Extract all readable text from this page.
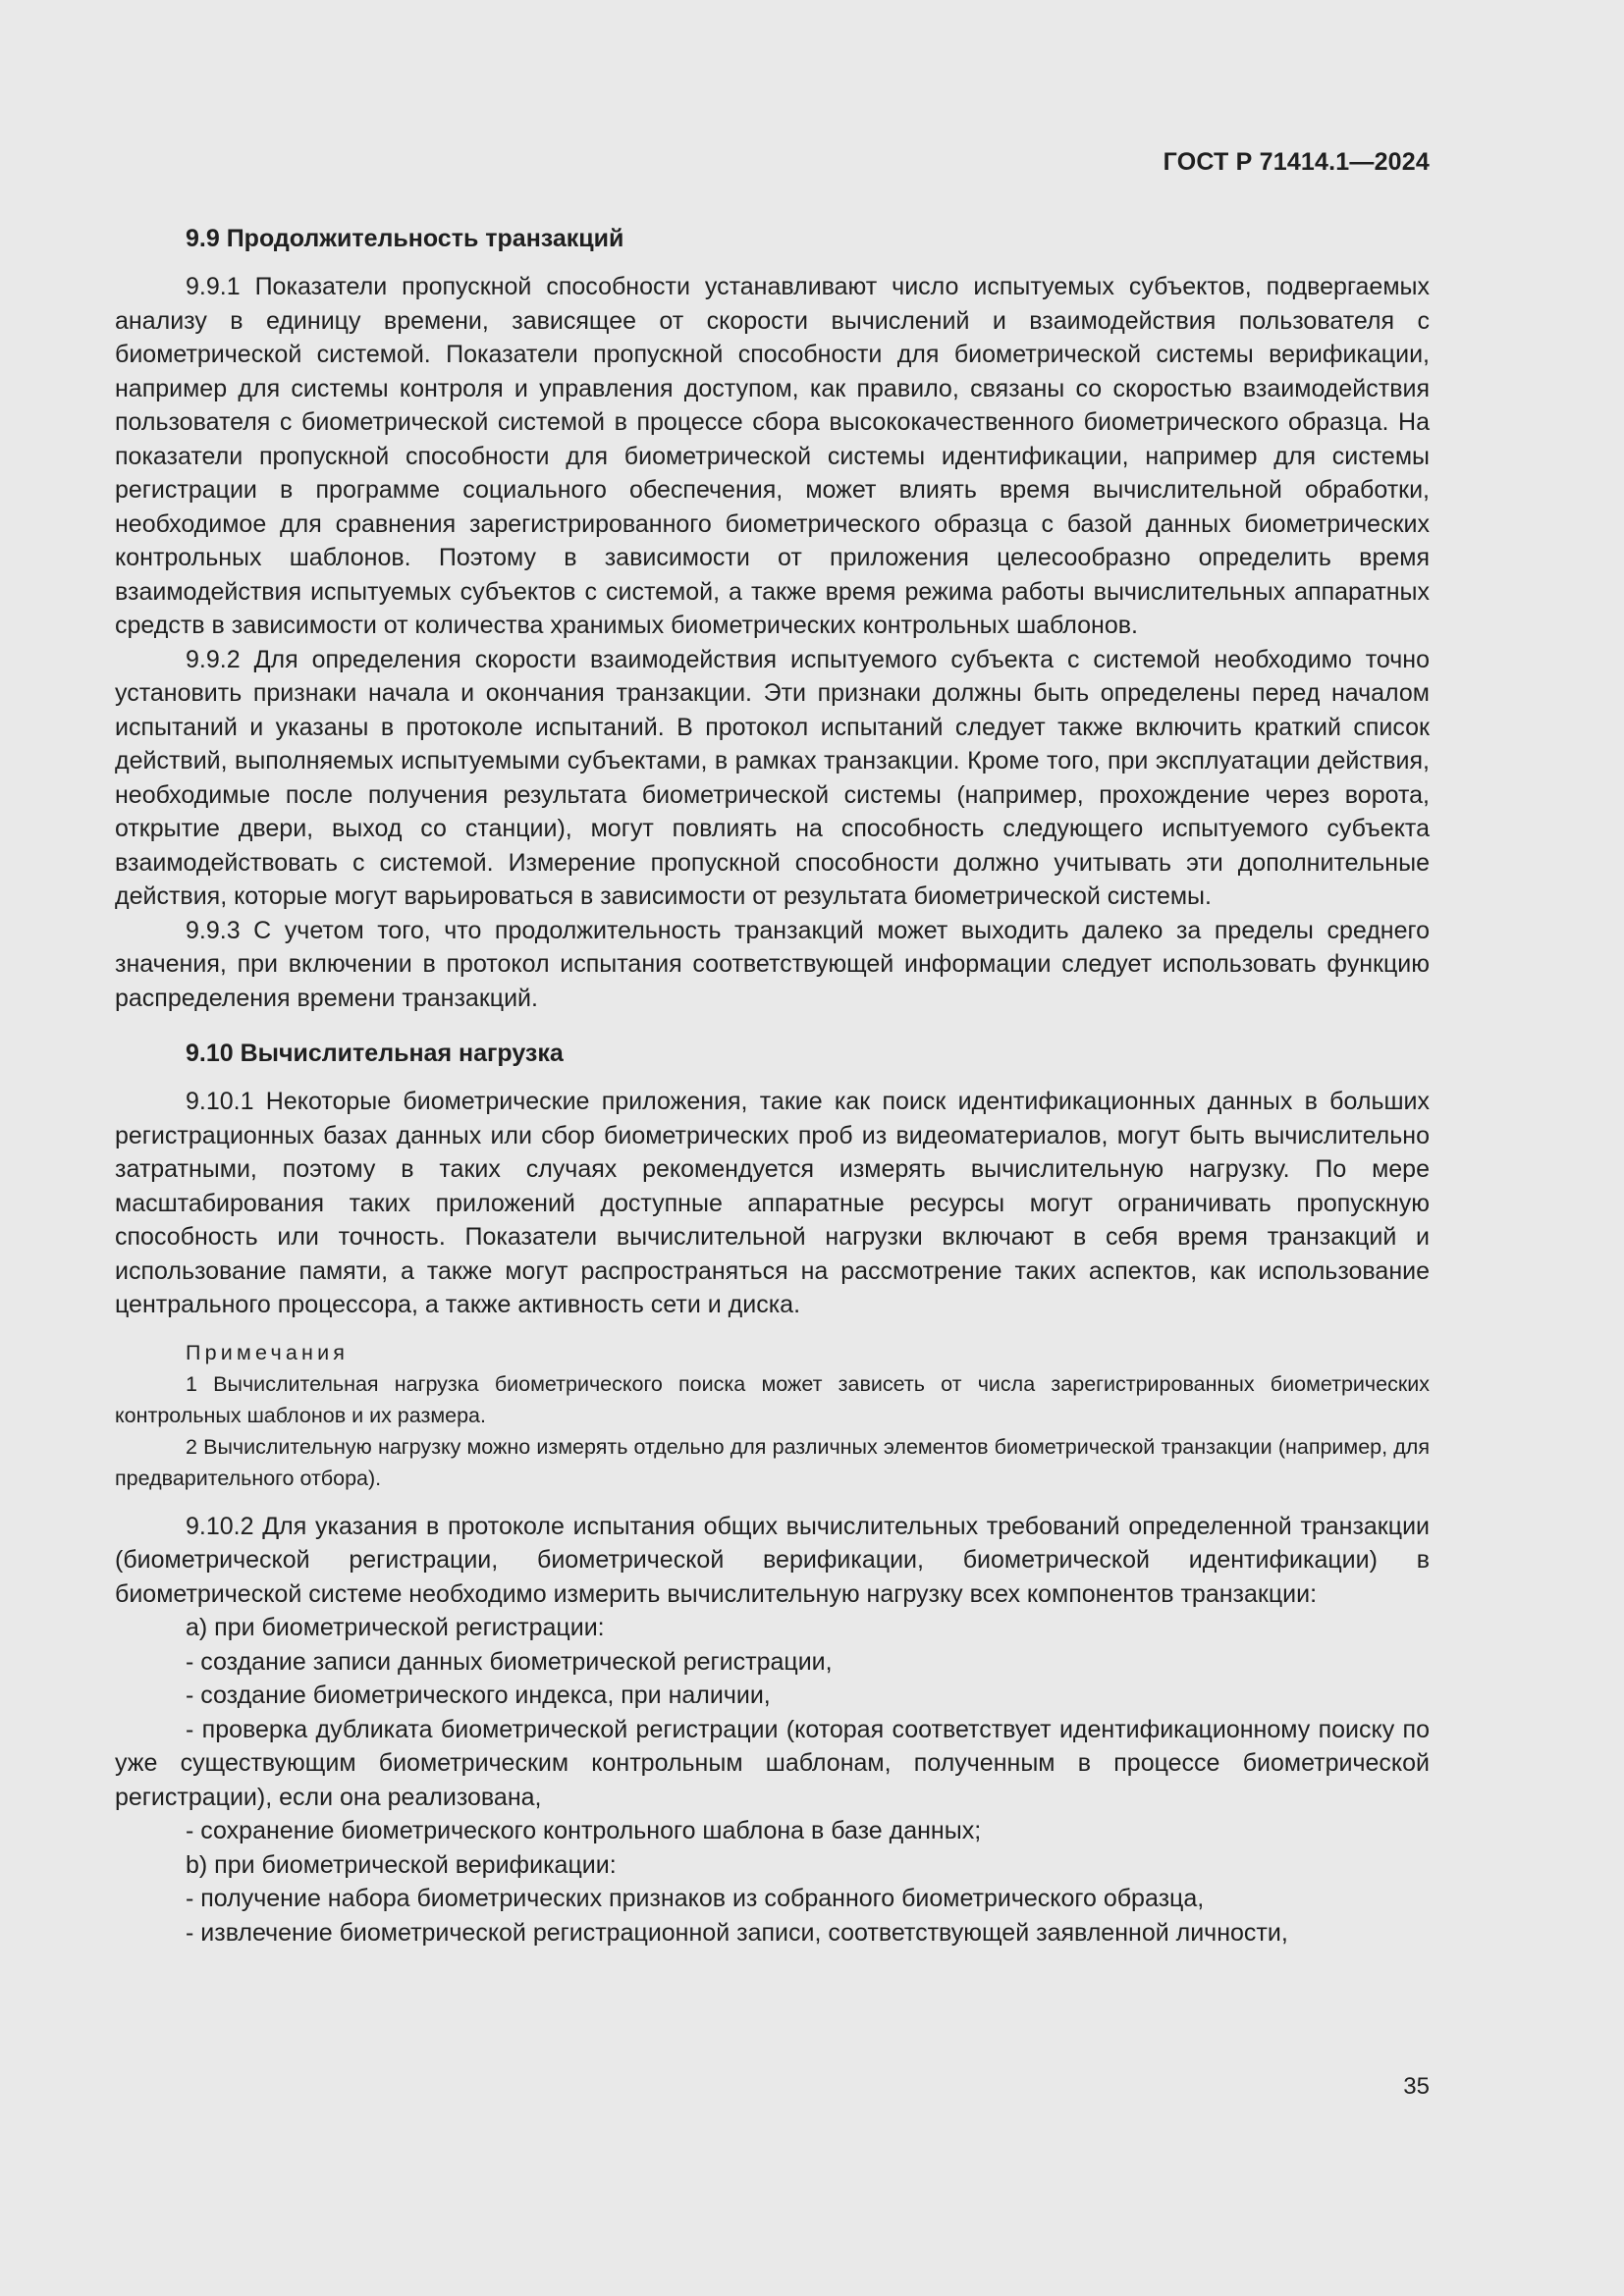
ГОСТ Р 71414.1—2024
9.9 Продолжительность транзакций

9.9.1 Показатели пропускной способности устанавливают число испытуемых субъектов, подвергаемых анализу в единицу времени, зависящее от скорости вычислений и взаимодействия пользователя с биометрической системой. Показатели пропускной способности для биометрической системы верификации, например для системы контроля и управления доступом, как правило, связаны со скоростью взаимодействия пользователя с биометрической системой в процессе сбора высококачественного биометрического образца. На показатели пропускной способности для биометрической системы идентификации, например для системы регистрации в программе социального обеспечения, может влиять время вычислительной обработки, необходимое для сравнения зарегистрированного биометрического образца с базой данных биометрических контрольных шаблонов. Поэтому в зависимости от приложения целесообразно определить время взаимодействия испытуемых субъектов с системой, а также время режима работы вычислительных аппаратных средств в зависимости от количества хранимых биометрических контрольных шаблонов.

9.9.2 Для определения скорости взаимодействия испытуемого субъекта с системой необходимо точно установить признаки начала и окончания транзакции. Эти признаки должны быть определены перед началом испытаний и указаны в протоколе испытаний. В протокол испытаний следует также включить краткий список действий, выполняемых испытуемыми субъектами, в рамках транзакции. Кроме того, при эксплуатации действия, необходимые после получения результата биометрической системы (например, прохождение через ворота, открытие двери, выход со станции), могут повлиять на способность следующего испытуемого субъекта взаимодействовать с системой. Измерение пропускной способности должно учитывать эти дополнительные действия, которые могут варьироваться в зависимости от результата биометрической системы.

9.9.3 С учетом того, что продолжительность транзакций может выходить далеко за пределы среднего значения, при включении в протокол испытания соответствующей информации следует использовать функцию распределения времени транзакций.

9.10 Вычислительная нагрузка

9.10.1 Некоторые биометрические приложения, такие как поиск идентификационных данных в больших регистрационных базах данных или сбор биометрических проб из видеоматериалов, могут быть вычислительно затратными, поэтому в таких случаях рекомендуется измерять вычислительную нагрузку. По мере масштабирования таких приложений доступные аппаратные ресурсы могут ограничивать пропускную способность или точность. Показатели вычислительной нагрузки включают в себя время транзакций и использование памяти, а также могут распространяться на рассмотрение таких аспектов, как использование центрального процессора, а также активность сети и диска.

Примечания

1 Вычислительная нагрузка биометрического поиска может зависеть от числа зарегистрированных биометрических контрольных шаблонов и их размера.

2 Вычислительную нагрузку можно измерять отдельно для различных элементов биометрической транзакции (например, для предварительного отбора).

9.10.2 Для указания в протоколе испытания общих вычислительных требований определенной транзакции (биометрической регистрации, биометрической верификации, биометрической идентификации) в биометрической системе необходимо измерить вычислительную нагрузку всех компонентов транзакции:

а) при биометрической регистрации:

- создание записи данных биометрической регистрации,

- создание биометрического индекса, при наличии,

- проверка дубликата биометрической регистрации (которая соответствует идентификационному поиску по уже существующим биометрическим контрольным шаблонам, полученным в процессе биометрической регистрации), если она реализована,

- сохранение биометрического контрольного шаблона в базе данных;

b) при биометрической верификации:

- получение набора биометрических признаков из собранного биометрического образца,

- извлечение биометрической регистрационной записи, соответствующей заявленной личности,

35
